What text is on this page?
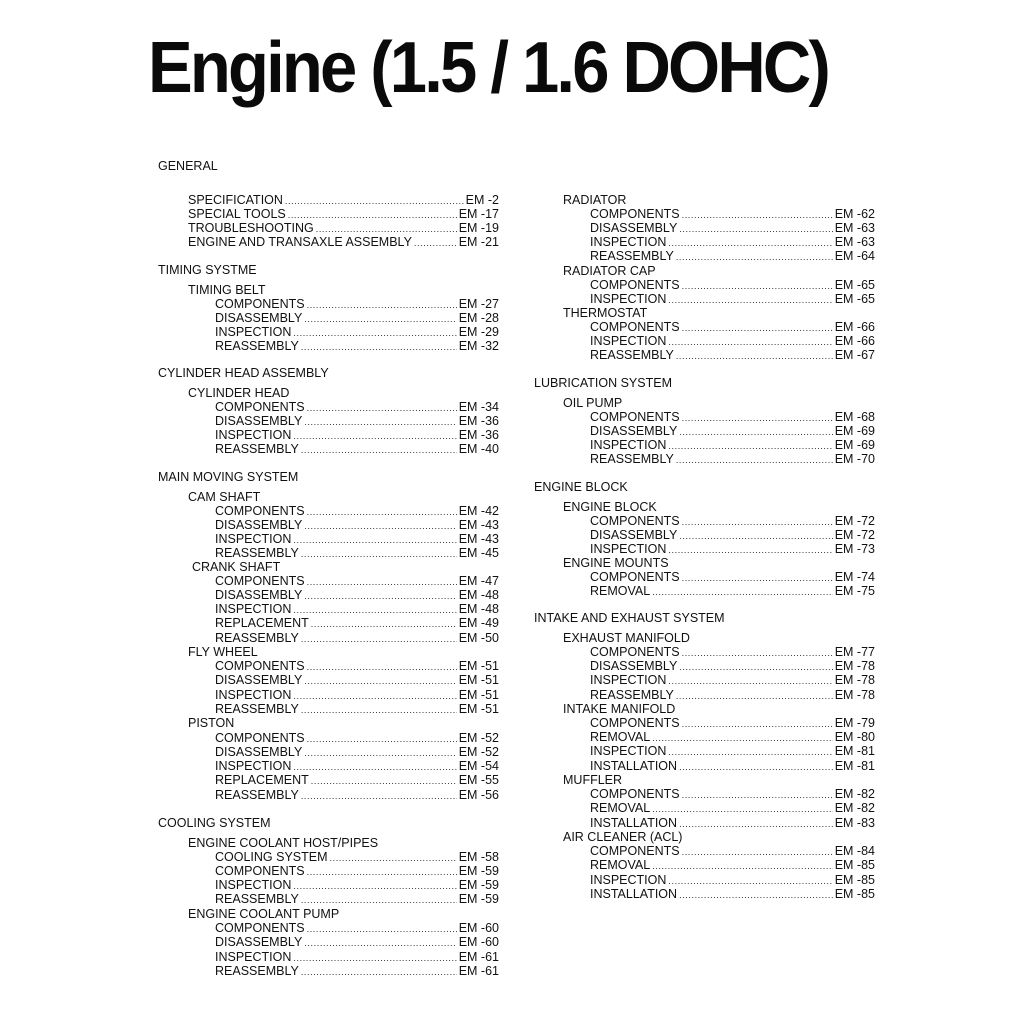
Engine (1.5 / 1.6 DOHC)
GENERAL
SPECIFICATION .....	EM -2
SPECIAL TOOLS .....	EM -17
TROUBLESHOOTING .....	EM -19
ENGINE AND TRANSAXLE ASSEMBLY .....	EM -21
TIMING SYSTME
TIMING BELT
COMPONENTS .....	EM -27
DISASSEMBLY .....	EM -28
INSPECTION .....	EM -29
REASSEMBLY .....	EM -32
CYLINDER HEAD ASSEMBLY
CYLINDER HEAD
COMPONENTS .....	EM -34
DISASSEMBLY .....	EM -36
INSPECTION .....	EM -36
REASSEMBLY .....	EM -40
MAIN MOVING SYSTEM
CAM SHAFT
COMPONENTS .....	EM -42
DISASSEMBLY .....	EM -43
INSPECTION .....	EM -43
REASSEMBLY .....	EM -45
CRANK SHAFT
COMPONENTS .....	EM -47
DISASSEMBLY .....	EM -48
INSPECTION .....	EM -48
REPLACEMENT .....	EM -49
REASSEMBLY .....	EM -50
FLY WHEEL
COMPONENTS .....	EM -51
DISASSEMBLY .....	EM -51
INSPECTION .....	EM -51
REASSEMBLY .....	EM -51
PISTON
COMPONENTS .....	EM -52
DISASSEMBLY .....	EM -52
INSPECTION .....	EM -54
REPLACEMENT .....	EM -55
REASSEMBLY .....	EM -56
COOLING SYSTEM
ENGINE COOLANT HOST/PIPES
COOLING SYSTEM .....	EM -58
COMPONENTS .....	EM -59
INSPECTION .....	EM -59
REASSEMBLY .....	EM -59
ENGINE COOLANT PUMP
COMPONENTS .....	EM -60
DISASSEMBLY .....	EM -60
INSPECTION .....	EM -61
REASSEMBLY .....	EM -61
RADIATOR
COMPONENTS .....	EM -62
DISASSEMBLY .....	EM -63
INSPECTION .....	EM -63
REASSEMBLY .....	EM -64
RADIATOR CAP
COMPONENTS .....	EM -65
INSPECTION .....	EM -65
THERMOSTAT
COMPONENTS .....	EM -66
INSPECTION .....	EM -66
REASSEMBLY .....	EM -67
LUBRICATION SYSTEM
OIL PUMP
COMPONENTS .....	EM -68
DISASSEMBLY .....	EM -69
INSPECTION .....	EM -69
REASSEMBLY .....	EM -70
ENGINE BLOCK
ENGINE BLOCK
COMPONENTS .....	EM -72
DISASSEMBLY .....	EM -72
INSPECTION .....	EM -73
ENGINE MOUNTS
COMPONENTS .....	EM -74
REMOVAL .....	EM -75
INTAKE AND EXHAUST SYSTEM
EXHAUST MANIFOLD
COMPONENTS .....	EM -77
DISASSEMBLY .....	EM -78
INSPECTION .....	EM -78
REASSEMBLY .....	EM -78
INTAKE MANIFOLD
COMPONENTS .....	EM -79
REMOVAL .....	EM -80
INSPECTION .....	EM -81
INSTALLATION .....	EM -81
MUFFLER
COMPONENTS .....	EM -82
REMOVAL .....	EM -82
INSTALLATION .....	EM -83
AIR CLEANER (ACL)
COMPONENTS .....	EM -84
REMOVAL .....	EM -85
INSPECTION .....	EM -85
INSTALLATION .....	EM -85
